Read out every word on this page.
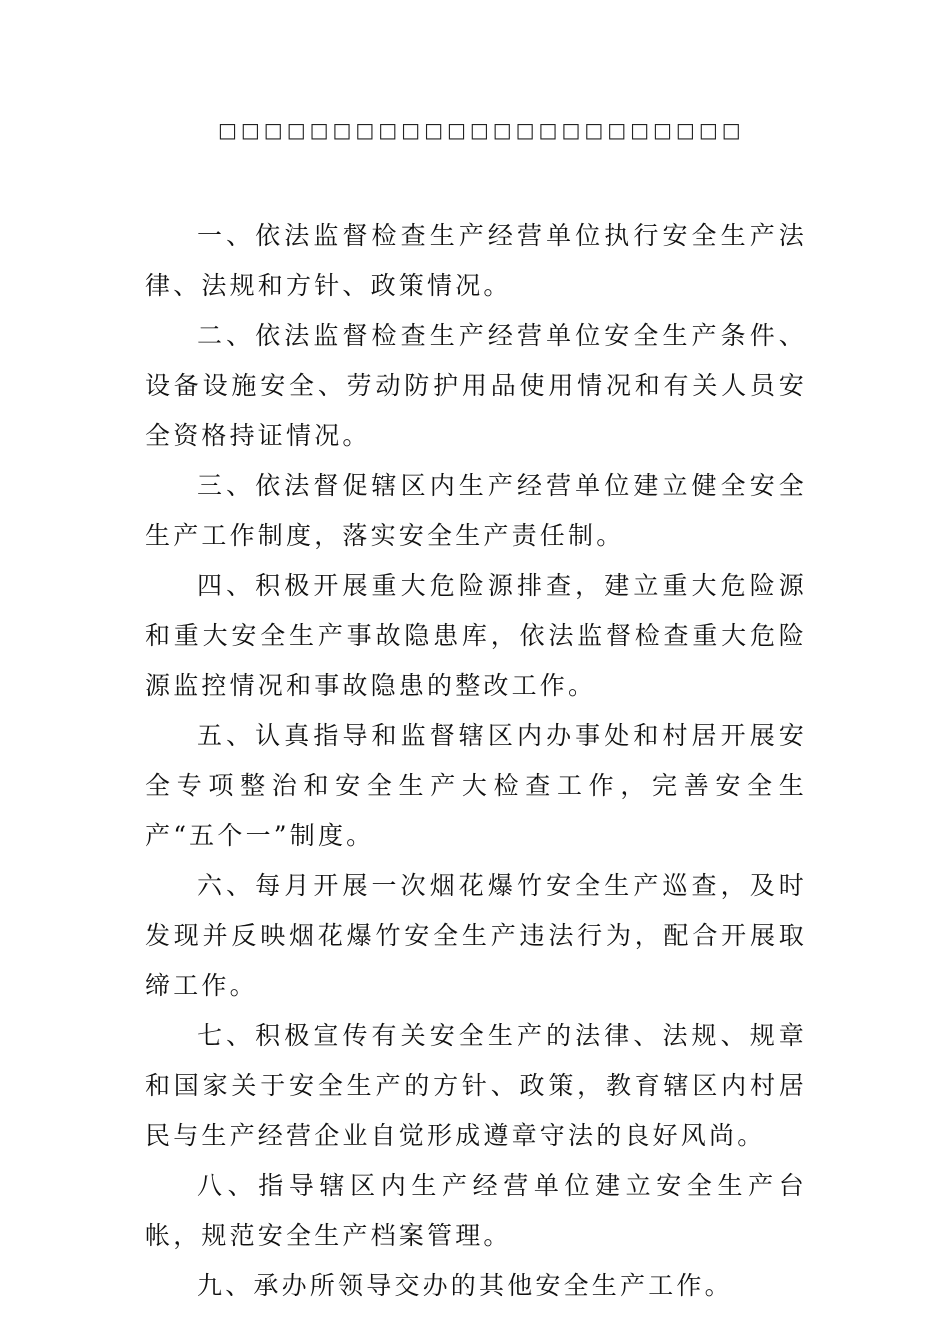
□□□□□□□□□□□□□□□□□□□□□□□

一、依法监督检查生产经营单位执行安全生产法律、法规和方针、政策情况。

二、依法监督检查生产经营单位安全生产条件、设备设施安全、劳动防护用品使用情况和有关人员安全资格持证情况。

三、依法督促辖区内生产经营单位建立健全安全生产工作制度，落实安全生产责任制。

四、积极开展重大危险源排查，建立重大危险源和重大安全生产事故隐患库，依法监督检查重大危险源监控情况和事故隐患的整改工作。

五、认真指导和监督辖区内办事处和村居开展安全专项整治和安全生产大检查工作，完善安全生产“五个一”制度。

六、每月开展一次烟花爆竹安全生产巡查，及时发现并反映烟花爆竹安全生产违法行为，配合开展取缔工作。

七、积极宣传有关安全生产的法律、法规、规章和国家关于安全生产的方针、政策，教育辖区内村居民与生产经营企业自觉形成遵章守法的良好风尚。

八、指导辖区内生产经营单位建立安全生产台帐，规范安全生产档案管理。

九、承办所领导交办的其他安全生产工作。
